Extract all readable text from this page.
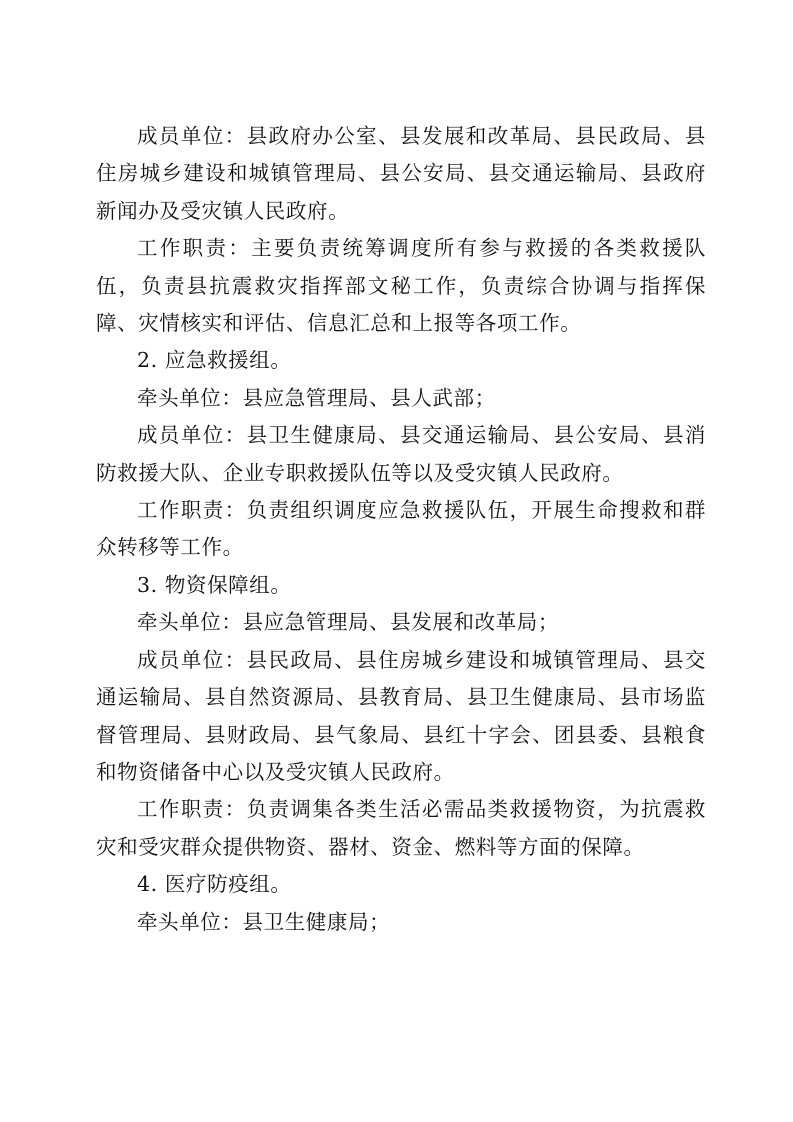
成员单位：县政府办公室、县发展和改革局、县民政局、县住房城乡建设和城镇管理局、县公安局、县交通运输局、县政府新闻办及受灾镇人民政府。

工作职责：主要负责统筹调度所有参与救援的各类救援队伍，负责县抗震救灾指挥部文秘工作，负责综合协调与指挥保障、灾情核实和评估、信息汇总和上报等各项工作。

2. 应急救援组。

牵头单位：县应急管理局、县人武部；

成员单位：县卫生健康局、县交通运输局、县公安局、县消防救援大队、企业专职救援队伍等以及受灾镇人民政府。

工作职责：负责组织调度应急救援队伍，开展生命搜救和群众转移等工作。

3. 物资保障组。

牵头单位：县应急管理局、县发展和改革局；

成员单位：县民政局、县住房城乡建设和城镇管理局、县交通运输局、县自然资源局、县教育局、县卫生健康局、县市场监督管理局、县财政局、县气象局、县红十字会、团县委、县粮食和物资储备中心以及受灾镇人民政府。

工作职责：负责调集各类生活必需品类救援物资，为抗震救灾和受灾群众提供物资、器材、资金、燃料等方面的保障。

4. 医疗防疫组。

牵头单位：县卫生健康局；
